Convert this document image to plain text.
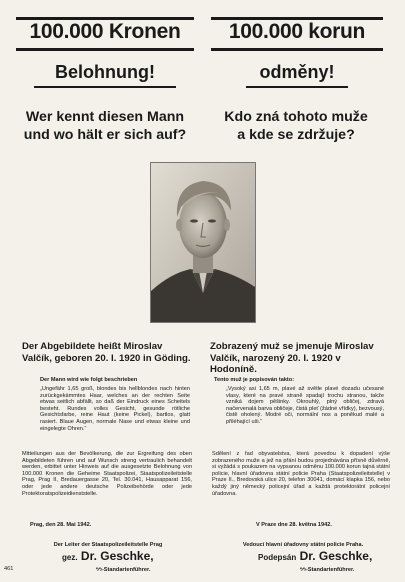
100.000 Kronen
Belohnung!
100.000 korun
odměny!
Wer kennt diesen Mann
und wo hält er sich auf?
Kdo zná tohoto muže
a kde se zdržuje?
Der Abgebildete heißt Miroslav
Valčík, geboren 20. I. 1920 in Göding.
Zobrazený muž se jmenuje Miroslav
Valčík, narozený 20. I. 1920 v Hodoníně.
Der Mann wird wie folgt beschrieben
„Ungefähr 1,65 groß, blondes bis hellblondes nach hinten zurückgekämmtes Haar, welches an der rechten Seite etwas seitlich abfällt, so daß der Eindruck eines Scheitels besteht. Rundes volles Gesicht, gesunde rötliche Gesichtsfarbe, reine Haut (keine Pickel), bartlos, glatt rasiert. Blaue Augen, normale Nase und etwas kleine und eingelegte Ohren.“
Mitteilungen aus der Bevölkerung, die zur Ergreifung des oben Abgebildeten führen und auf Wunsch streng vertraulich behandelt werden, erbittet unter Hinweis auf die ausgesetzte Belohnung von 100.000 Kronen die Geheime Staatspolizei, Staatspolizeileitstelle Prag, Prag II, Bredauergasse 20, Tel. 30.041, Hausapparat 156, oder jede andere deutsche Polizeibehörde oder jede Protektoratspolizeidienststelle.
Prag, den 28. Mai 1942.
Der Leiter der Staatspolizeileitstelle Prag
gez. Dr. Geschke,
ϟϟ-Standartenführer.
Tento muž je popisován takto:
„Vysoký asi 1,65 m, plavé až světle plavé dozadu učesané vlasy, které na pravé straně spadají trochu stranou, takže vzniká dojem pěšinky. Okrouhlý, plný obličej, zdravá načervenalá barva obličeje, čistá pleť (žádné vřídky), bezvousý, čistě oholený. Modré oči, normální nos a poněkud malé a přiléhající uši.“
Sdělení z řad obyvatelstva, která povedou k dopadení výše zobrazeného muže a jež na přání budou projednávána přísně důvěrně, si vyžádá s poukazem na vypsanou odměnu 100.000 korun tajná státní policie, hlavní úřadovna státní policie Praha (Staatspolizeileitstelle) v Praze II., Bredovská ulice 20, telefon 30041, domácí klapka 156, nebo každý jiný německý policejní úřad a každá protektorátní policejní úřadovna.
V Praze dne 28. května 1942.
Vedoucí hlavní úřadovny státní policie Praha.
Podepsán Dr. Geschke,
ϟϟ-Standartenführer.
461
